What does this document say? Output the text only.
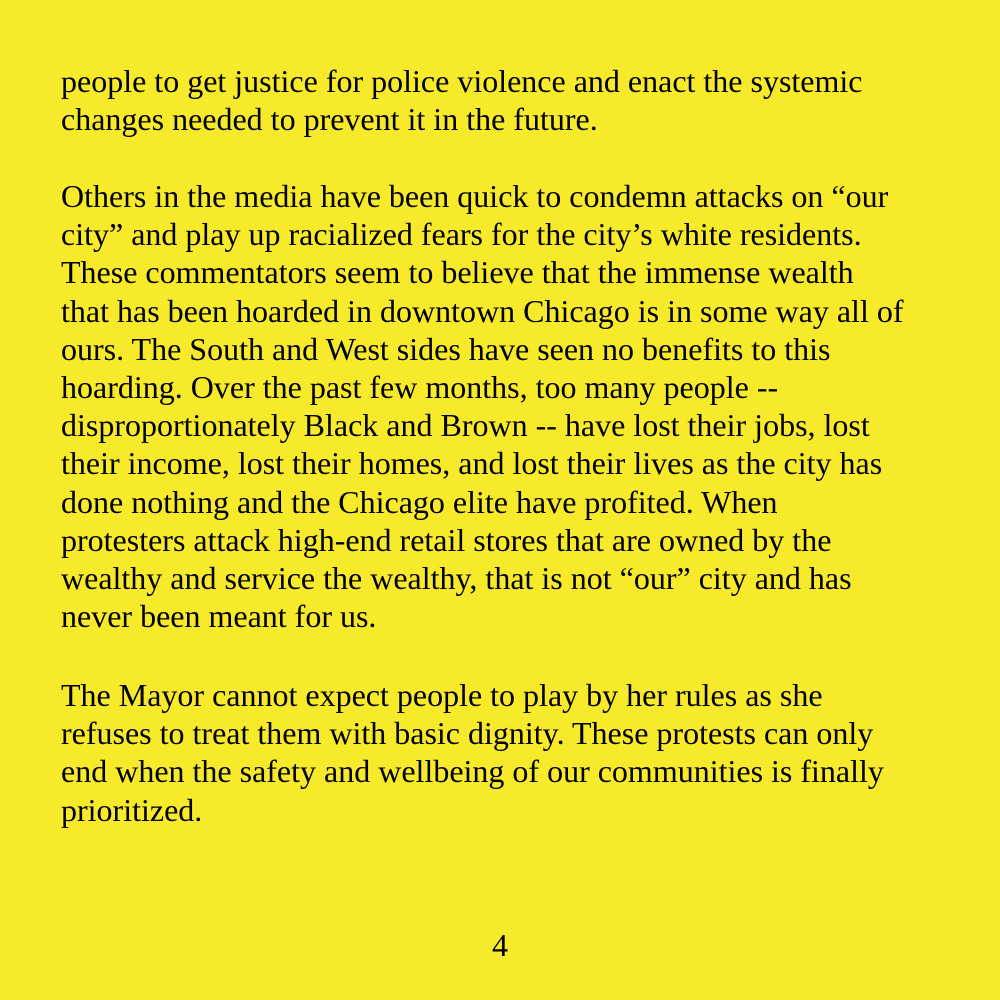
people to get justice for police violence and enact the systemic
changes needed to prevent it in the future.

Others in the media have been quick to condemn attacks on “our
city” and play up racialized fears for the city’s white residents.
These commentators seem to believe that the immense wealth
that has been hoarded in downtown Chicago is in some way all of
ours. The South and West sides have seen no benefits to this
hoarding. Over the past few months, too many people --
disproportionately Black and Brown -- have lost their jobs, lost
their income, lost their homes, and lost their lives as the city has
done nothing and the Chicago elite have profited. When
protesters attack high-end retail stores that are owned by the
wealthy and service the wealthy, that is not “our” city and has
never been meant for us.

The Mayor cannot expect people to play by her rules as she
refuses to treat them with basic dignity. These protests can only
end when the safety and wellbeing of our communities is finally
prioritized.

4
